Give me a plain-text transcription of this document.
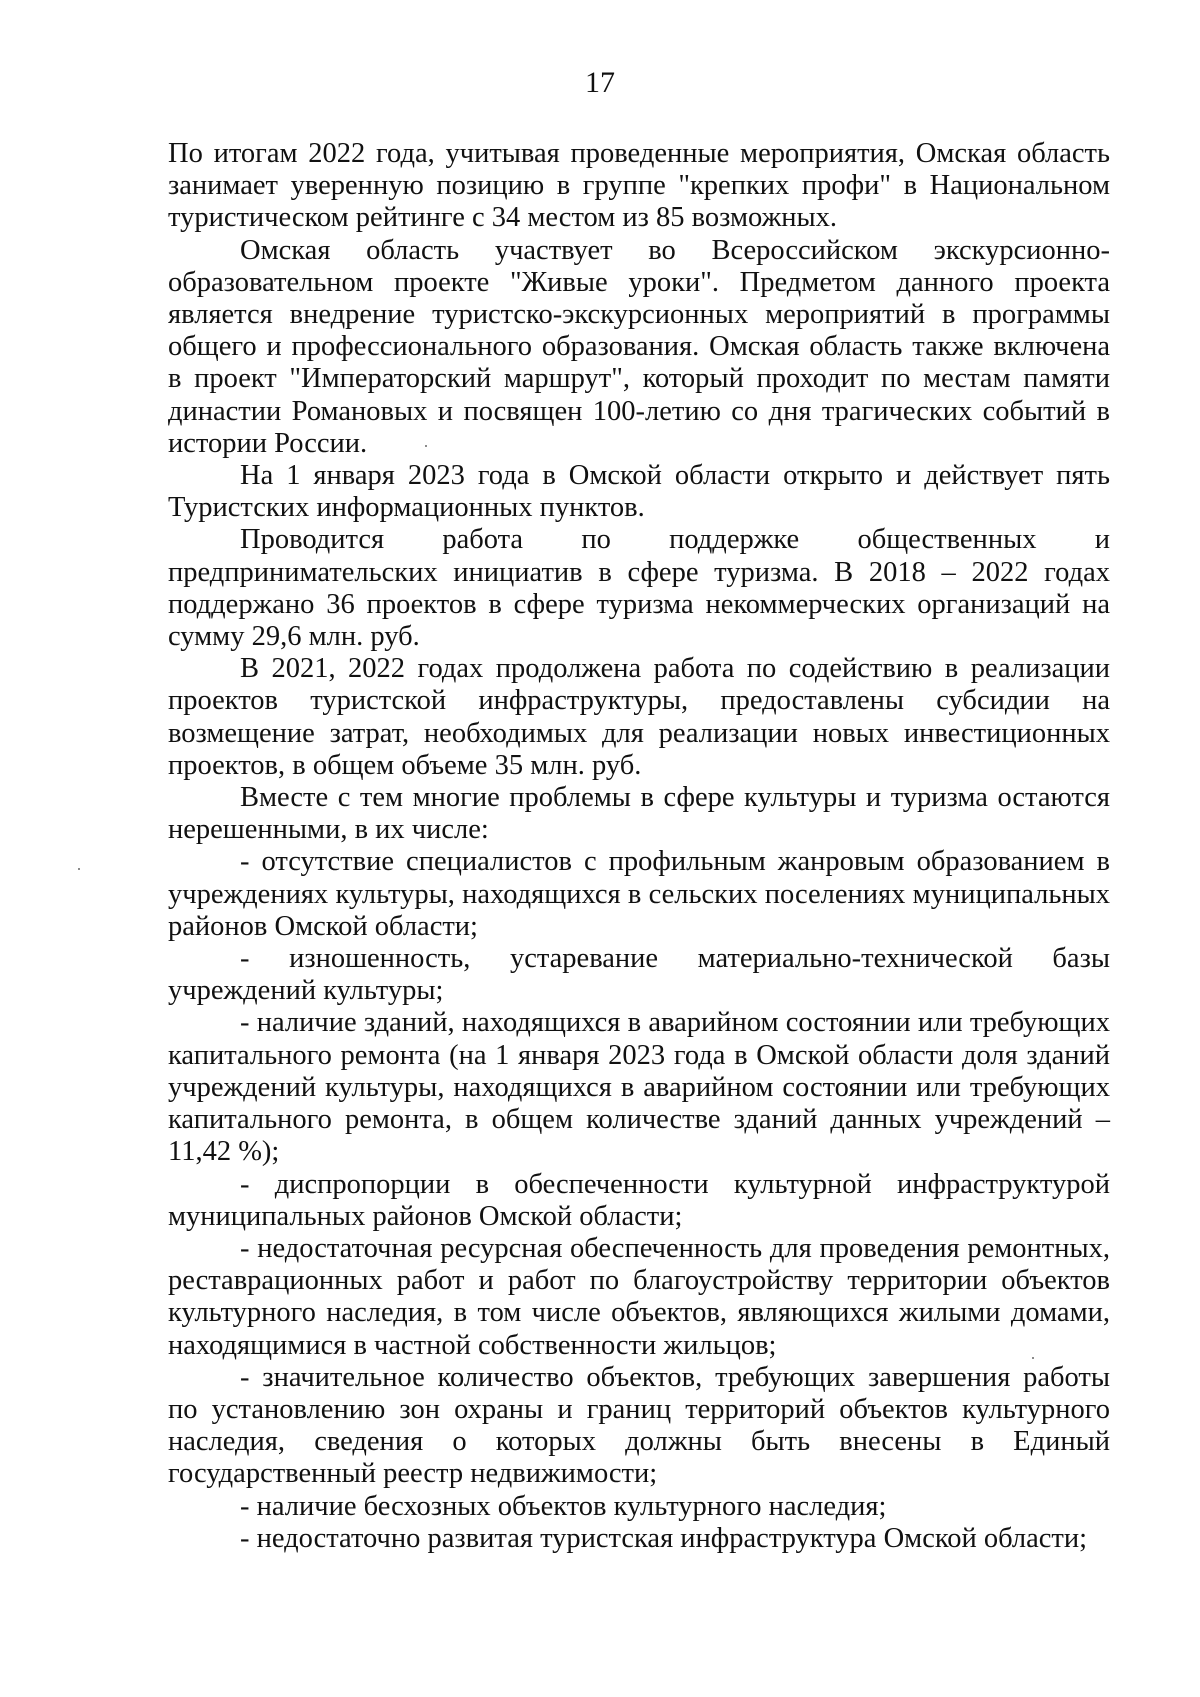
17

По итогам 2022 года, учитывая проведенные мероприятия, Омская область занимает уверенную позицию в группе "крепких профи" в Национальном туристическом рейтинге с 34 местом из 85 возможных.

Омская область участвует во Всероссийском экскурсионно-образовательном проекте "Живые уроки". Предметом данного проекта является внедрение туристско-экскурсионных мероприятий в программы общего и профессионального образования. Омская область также включена в проект "Императорский маршрут", который проходит по местам памяти династии Романовых и посвящен 100-летию со дня трагических событий в истории России.

На 1 января 2023 года в Омской области открыто и действует пять Туристских информационных пунктов.

Проводится работа по поддержке общественных и предпринимательских инициатив в сфере туризма. В 2018 – 2022 годах поддержано 36 проектов в сфере туризма некоммерческих организаций на сумму 29,6 млн. руб.

В 2021, 2022 годах продолжена работа по содействию в реализации проектов туристской инфраструктуры, предоставлены субсидии на возмещение затрат, необходимых для реализации новых инвестиционных проектов, в общем объеме 35 млн. руб.

Вместе с тем многие проблемы в сфере культуры и туризма остаются нерешенными, в их числе:

- отсутствие специалистов с профильным жанровым образованием в учреждениях культуры, находящихся в сельских поселениях муниципальных районов Омской области;

- изношенность, устаревание материально-технической базы учреждений культуры;

- наличие зданий, находящихся в аварийном состоянии или требующих капитального ремонта (на 1 января 2023 года в Омской области доля зданий учреждений культуры, находящихся в аварийном состоянии или требующих капитального ремонта, в общем количестве зданий данных учреждений – 11,42 %);

- диспропорции в обеспеченности культурной инфраструктурой муниципальных районов Омской области;

- недостаточная ресурсная обеспеченность для проведения ремонтных, реставрационных работ и работ по благоустройству территории объектов культурного наследия, в том числе объектов, являющихся жилыми домами, находящимися в частной собственности жильцов;

- значительное количество объектов, требующих завершения работы по установлению зон охраны и границ территорий объектов культурного наследия, сведения о которых должны быть внесены в Единый государственный реестр недвижимости;

- наличие бесхозных объектов культурного наследия;

- недостаточно развитая туристская инфраструктура Омской области;
